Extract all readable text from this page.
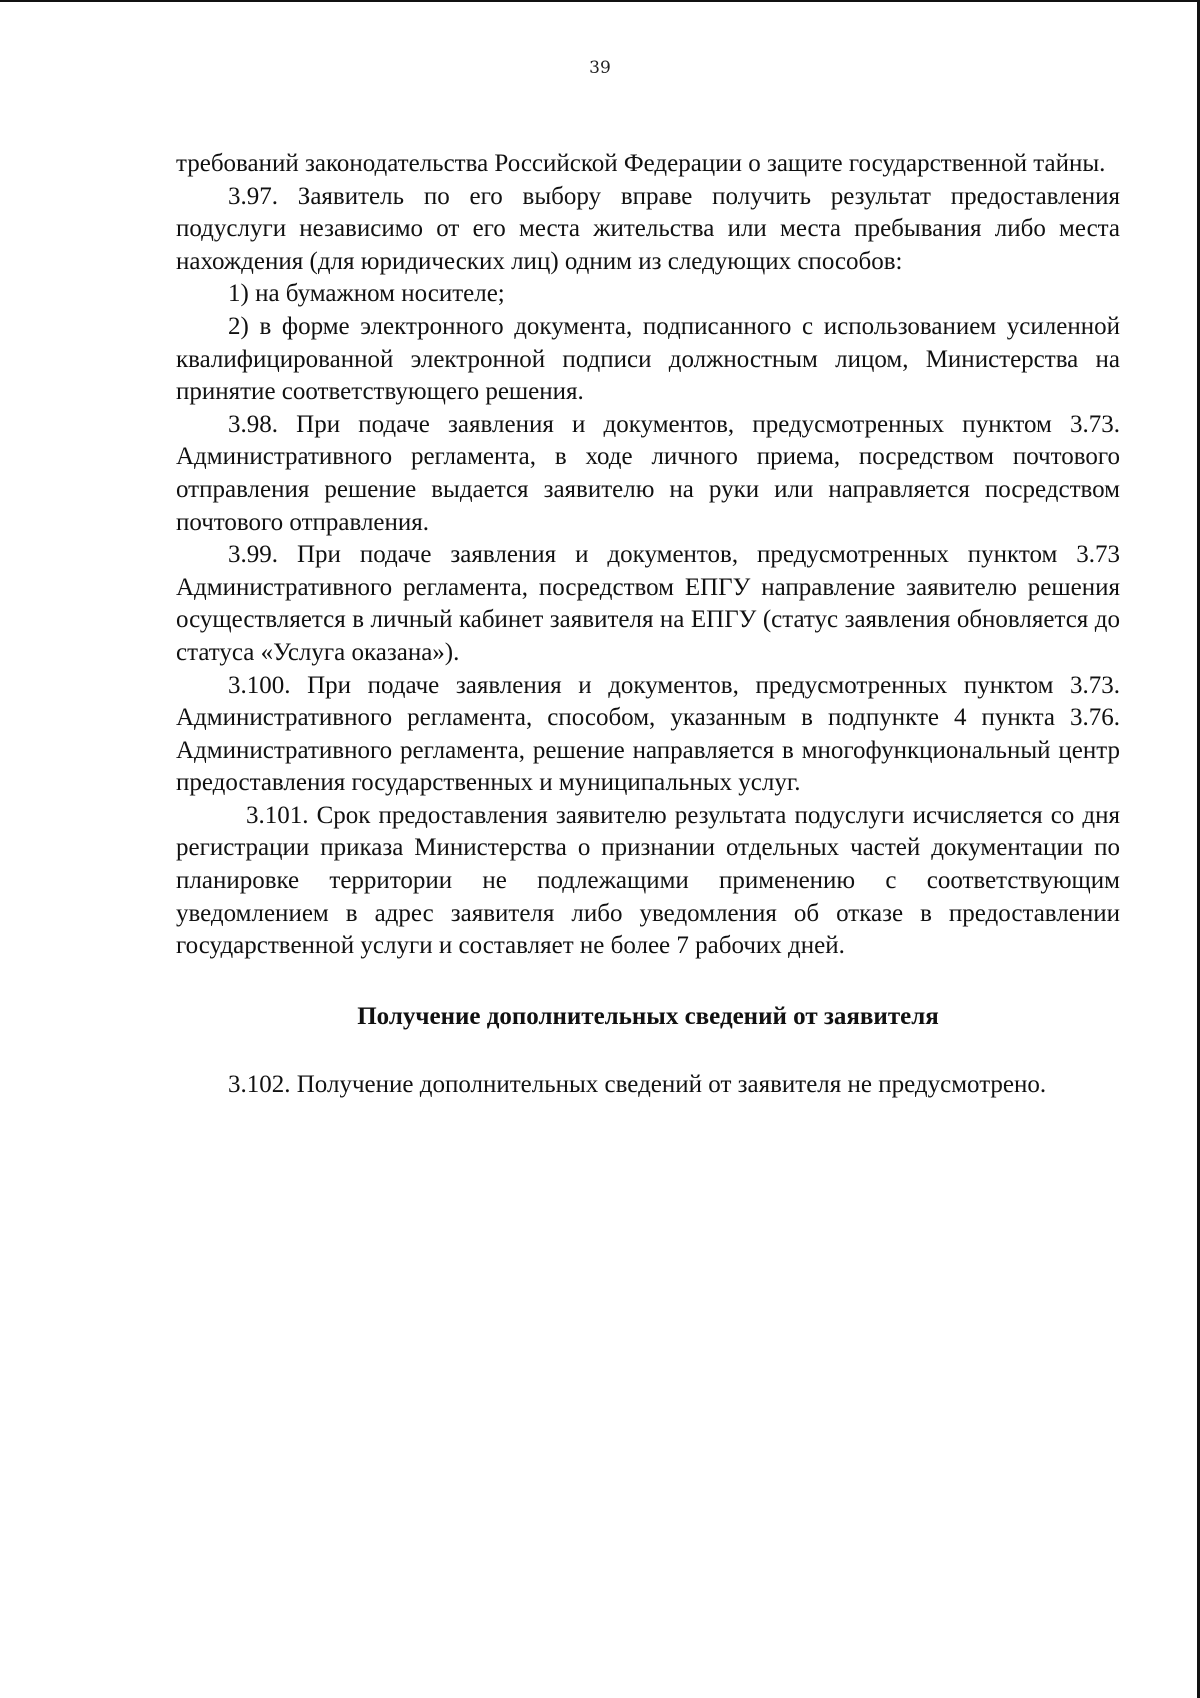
39

требований законодательства Российской Федерации о защите государственной тайны.

3.97. Заявитель по его выбору вправе получить результат предоставления подуслуги независимо от его места жительства или места пребывания либо места нахождения (для юридических лиц) одним из следующих способов:

1) на бумажном носителе;

2) в форме электронного документа, подписанного с использованием усиленной квалифицированной электронной подписи должностным лицом, Министерства на принятие соответствующего решения.

3.98. При подаче заявления и документов, предусмотренных пунктом 3.73. Административного регламента, в ходе личного приема, посредством почтового отправления решение выдается заявителю на руки или направляется посредством почтового отправления.

3.99. При подаче заявления и документов, предусмотренных пунктом 3.73 Административного регламента, посредством ЕПГУ направление заявителю решения осуществляется в личный кабинет заявителя на ЕПГУ (статус заявления обновляется до статуса «Услуга оказана»).

3.100. При подаче заявления и документов, предусмотренных пунктом 3.73. Административного регламента, способом, указанным в подпункте 4 пункта 3.76. Административного регламента, решение направляется в многофункциональный центр предоставления государственных и муниципальных услуг.

3.101. Срок предоставления заявителю результата подуслуги исчисляется со дня регистрации приказа Министерства о признании отдельных частей документации по планировке территории не подлежащими применению с соответствующим уведомлением в адрес заявителя либо уведомления об отказе в предоставлении государственной услуги и составляет не более 7 рабочих дней.

Получение дополнительных сведений от заявителя

3.102. Получение дополнительных сведений от заявителя не предусмотрено.
